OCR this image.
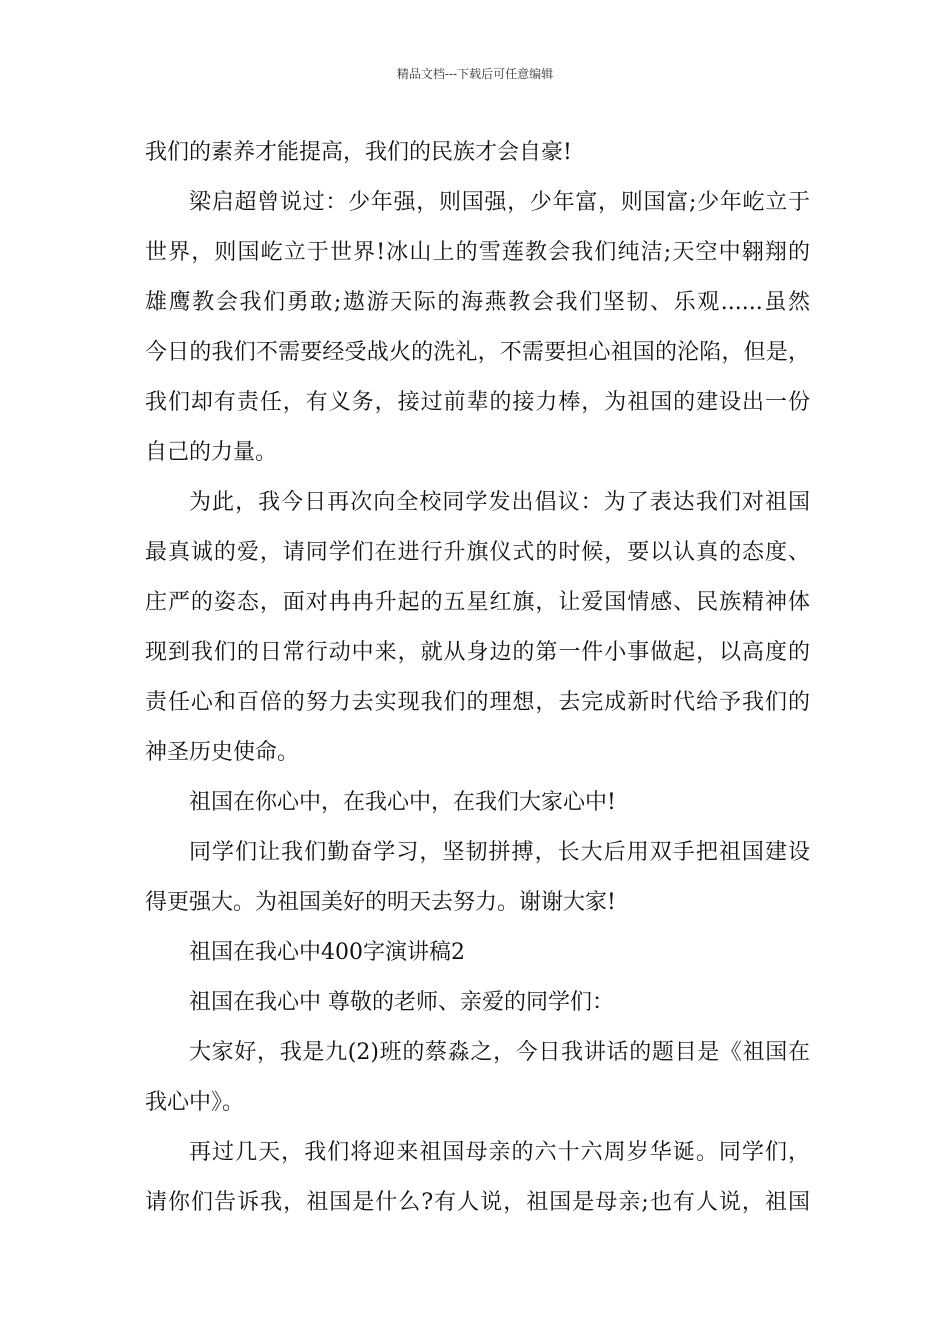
精品文档---下载后可任意编辑
我们的素养才能提高，我们的民族才会自豪!
梁启超曾说过：少年强，则国强，少年富，则国富;少年屹立于
世界，则国屹立于世界!冰山上的雪莲教会我们纯洁;天空中翱翔的
雄鹰教会我们勇敢;遨游天际的海燕教会我们坚韧、乐观......虽然
今日的我们不需要经受战火的洗礼，不需要担心祖国的沦陷，但是，
我们却有责任，有义务，接过前辈的接力棒，为祖国的建设出一份
自己的力量。
为此，我今日再次向全校同学发出倡议：为了表达我们对祖国
最真诚的爱，请同学们在进行升旗仪式的时候，要以认真的态度、
庄严的姿态，面对冉冉升起的五星红旗，让爱国情感、民族精神体
现到我们的日常行动中来，就从身边的第一件小事做起，以高度的
责任心和百倍的努力去实现我们的理想，去完成新时代给予我们的
神圣历史使命。
祖国在你心中，在我心中，在我们大家心中!
同学们让我们勤奋学习，坚韧拼搏，长大后用双手把祖国建设
得更强大。为祖国美好的明天去努力。谢谢大家!
祖国在我心中400字演讲稿2
祖国在我心中 尊敬的老师、亲爱的同学们：
大家好，我是九(2)班的蔡淼之，今日我讲话的题目是《祖国在
我心中》。
再过几天，我们将迎来祖国母亲的六十六周岁华诞。同学们，
请你们告诉我，祖国是什么?有人说，祖国是母亲;也有人说，祖国
